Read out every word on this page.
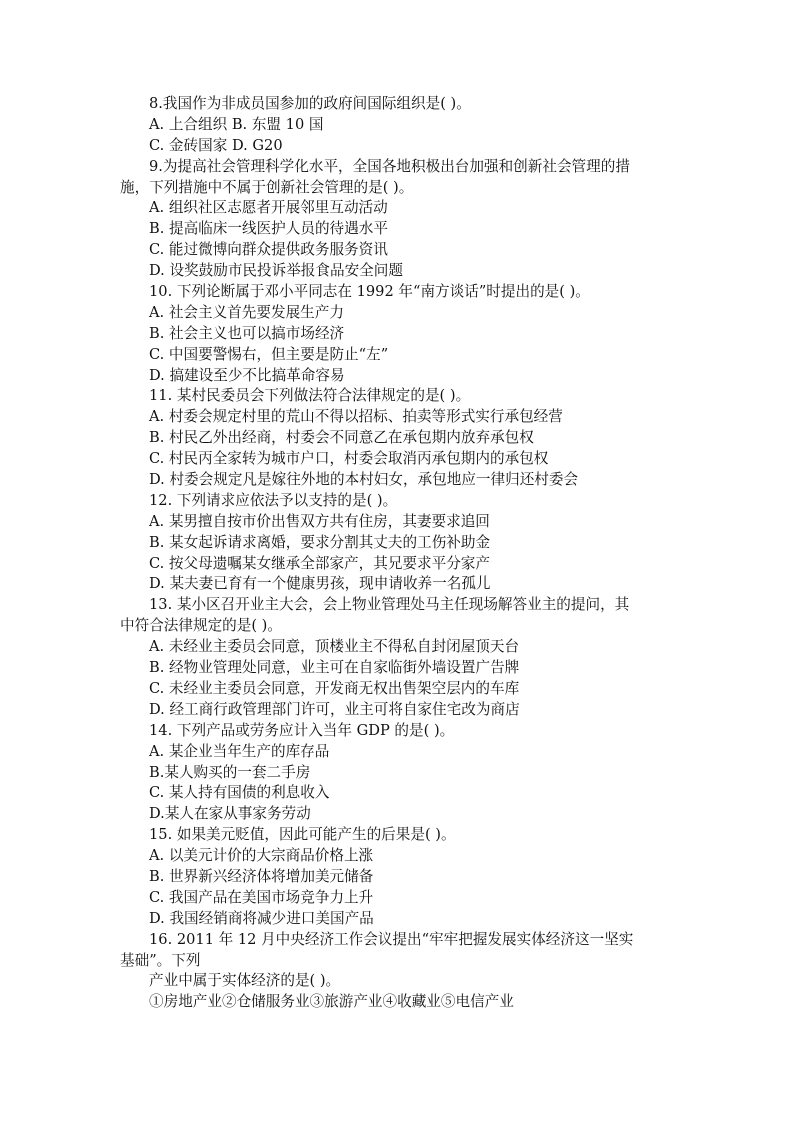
8.我国作为非成员国参加的政府间国际组织是( )。
A. 上合组织 B. 东盟 10 国
C. 金砖国家 D. G20
9.为提高社会管理科学化水平，全国各地积极出台加强和创新社会管理的措
施，下列措施中不属于创新社会管理的是( )。
A. 组织社区志愿者开展邻里互动活动
B. 提高临床一线医护人员的待遇水平
C. 能过微博向群众提供政务服务资讯
D. 设奖鼓励市民投诉举报食品安全问题
10. 下列论断属于邓小平同志在 1992 年“南方谈话”时提出的是( )。
A. 社会主义首先要发展生产力
B. 社会主义也可以搞市场经济
C. 中国要警惕右，但主要是防止“左”
D. 搞建设至少不比搞革命容易
11. 某村民委员会下列做法符合法律规定的是( )。
A. 村委会规定村里的荒山不得以招标、拍卖等形式实行承包经营
B. 村民乙外出经商，村委会不同意乙在承包期内放弃承包权
C. 村民丙全家转为城市户口，村委会取消丙承包期内的承包权
D. 村委会规定凡是嫁往外地的本村妇女，承包地应一律归还村委会
12. 下列请求应依法予以支持的是( )。
A. 某男擅自按市价出售双方共有住房，其妻要求追回
B. 某女起诉请求离婚，要求分割其丈夫的工伤补助金
C. 按父母遗嘱某女继承全部家产，其兄要求平分家产
D. 某夫妻已育有一个健康男孩，现申请收养一名孤儿
13. 某小区召开业主大会，会上物业管理处马主任现场解答业主的提问，其
中符合法律规定的是( )。
A. 未经业主委员会同意，顶楼业主不得私自封闭屋顶天台
B. 经物业管理处同意，业主可在自家临街外墙设置广告牌
C. 未经业主委员会同意，开发商无权出售架空层内的车库
D. 经工商行政管理部门许可，业主可将自家住宅改为商店
14. 下列产品或劳务应计入当年 GDP 的是( )。
A. 某企业当年生产的库存品
B.某人购买的一套二手房
C. 某人持有国债的利息收入
D.某人在家从事家务劳动
15. 如果美元贬值，因此可能产生的后果是( )。
A. 以美元计价的大宗商品价格上涨
B. 世界新兴经济体将增加美元储备
C. 我国产品在美国市场竞争力上升
D. 我国经销商将减少进口美国产品
16. 2011 年 12 月中央经济工作会议提出“牢牢把握发展实体经济这一坚实
基础”。下列
产业中属于实体经济的是( )。
①房地产业②仓储服务业③旅游产业④收藏业⑤电信产业
